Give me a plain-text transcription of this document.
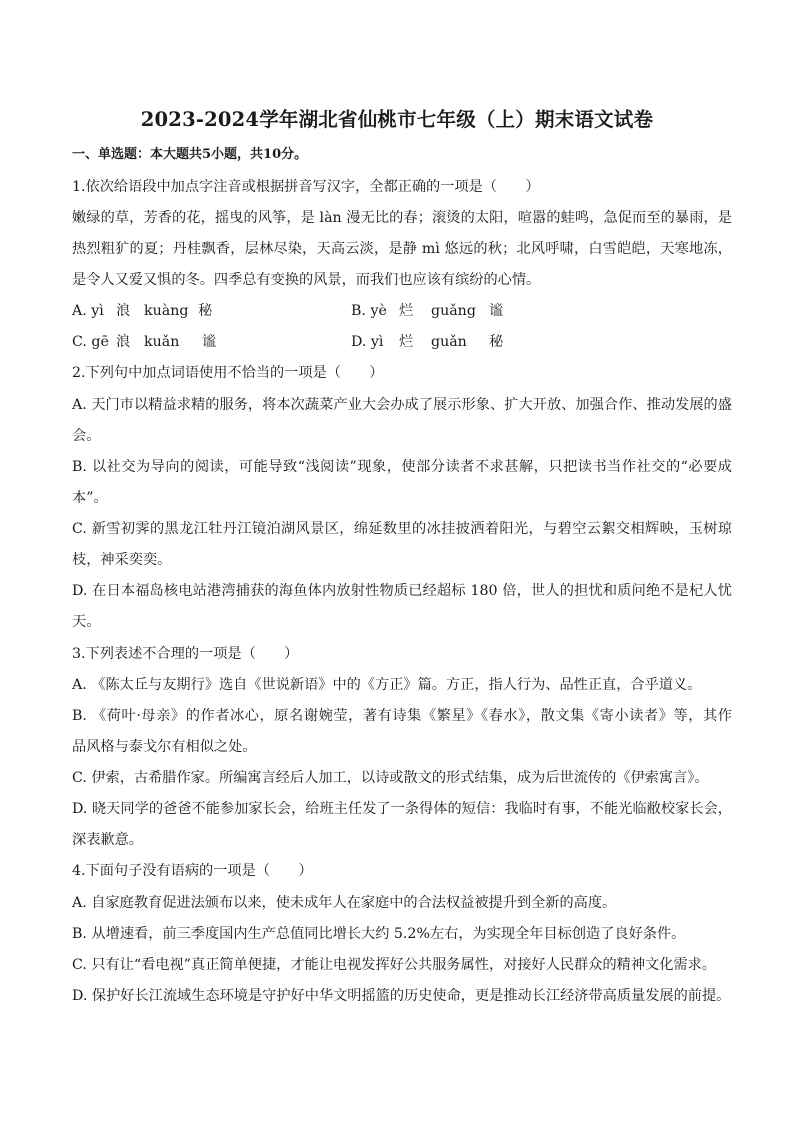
2023-2024学年湖北省仙桃市七年级（上）期末语文试卷
一、单选题：本大题共5小题，共10分。
1.依次给语段中加点字注音或根据拼音写汉字，全都正确的一项是（　　）
嫩绿的草，芳香的花，摇曳的风筝，是 làn 漫无比的春；滚烫的太阳，喧嚣的蛙鸣，急促而至的暴雨，是
热烈粗犷的夏；丹桂飘香，层林尽染，天高云淡，是静 mì 悠远的秋；北风呼啸，白雪皑皑，天寒地冻，
是令人又爱又惧的冬。四季总有变换的风景，而我们也应该有缤纷的心情。
A. yì 浪 kuàng 秘	B. yè 烂 guǎng 谧
C. gē 浪 kuǎn 谧	D. yì 烂 guǎn 秘
2.下列句中加点词语使用不恰当的一项是（　　）
A. 天门市以精益求精的服务，将本次蔬菜产业大会办成了展示形象、扩大开放、加强合作、推动发展的盛
会。
B. 以社交为导向的阅读，可能导致“浅阅读”现象，使部分读者不求甚解，只把读书当作社交的“必要成
本”。
C. 新雪初霁的黑龙江牡丹江镜泊湖风景区，绵延数里的冰挂披洒着阳光，与碧空云絮交相辉映，玉树琼
枝，神采奕奕。
D. 在日本福岛核电站港湾捕获的海鱼体内放射性物质已经超标 180 倍，世人的担忧和质问绝不是杞人忧
天。
3.下列表述不合理的一项是（　　）
A. 《陈太丘与友期行》选自《世说新语》中的《方正》篇。方正，指人行为、品性正直，合乎道义。
B. 《荷叶·母亲》的作者冰心，原名谢婉莹，著有诗集《繁星》《春水》，散文集《寄小读者》等，其作
品风格与泰戈尔有相似之处。
C. 伊索，古希腊作家。所编寓言经后人加工，以诗或散文的形式结集，成为后世流传的《伊索寓言》。
D. 晓天同学的爸爸不能参加家长会，给班主任发了一条得体的短信：我临时有事，不能光临敝校家长会，
深表歉意。
4.下面句子没有语病的一项是（　　）
A. 自家庭教育促进法颁布以来，使未成年人在家庭中的合法权益被提升到全新的高度。
B. 从增速看，前三季度国内生产总值同比增长大约 5.2%左右，为实现全年目标创造了良好条件。
C. 只有让“看电视”真正简单便捷，才能让电视发挥好公共服务属性，对接好人民群众的精神文化需求。
D. 保护好长江流域生态环境是守护好中华文明摇篮的历史使命，更是推动长江经济带高质量发展的前提。
